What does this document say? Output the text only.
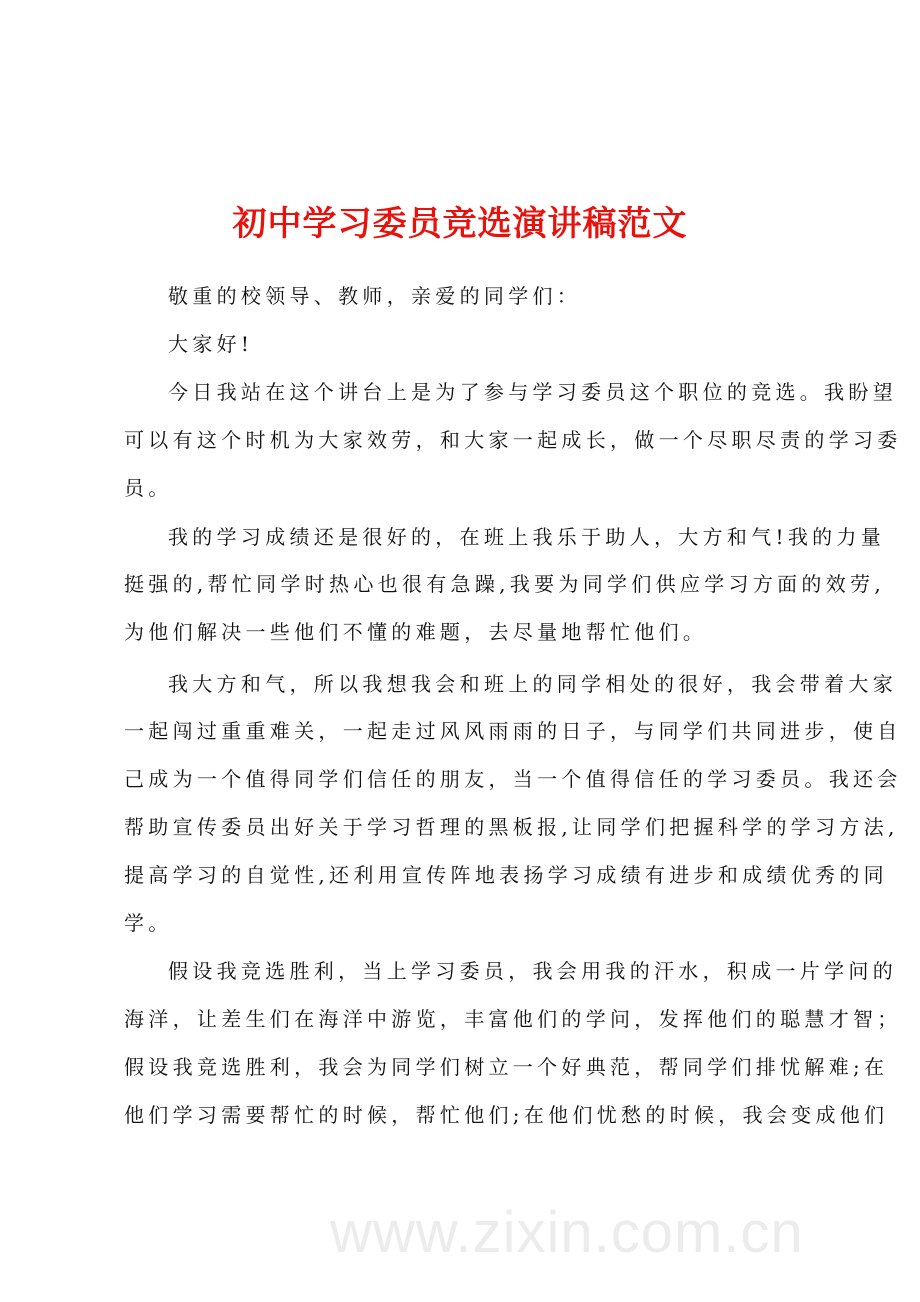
初中学习委员竞选演讲稿范文
敬重的校领导、教师，亲爱的同学们：
大家好!
今日我站在这个讲台上是为了参与学习委员这个职位的竞选。我盼望
可以有这个时机为大家效劳，和大家一起成长，做一个尽职尽责的学习委
员。
我的学习成绩还是很好的，在班上我乐于助人，大方和气!我的力量
挺强的,帮忙同学时热心也很有急躁,我要为同学们供应学习方面的效劳,
为他们解决一些他们不懂的难题，去尽量地帮忙他们。
我大方和气，所以我想我会和班上的同学相处的很好，我会带着大家
一起闯过重重难关，一起走过风风雨雨的日子，与同学们共同进步，使自
己成为一个值得同学们信任的朋友，当一个值得信任的学习委员。我还会
帮助宣传委员出好关于学习哲理的黑板报,让同学们把握科学的学习方法,
提高学习的自觉性,还利用宣传阵地表扬学习成绩有进步和成绩优秀的同
学。
假设我竞选胜利，当上学习委员，我会用我的汗水，积成一片学问的
海洋，让差生们在海洋中游览，丰富他们的学问，发挥他们的聪慧才智；
假设我竞选胜利，我会为同学们树立一个好典范，帮同学们排忧解难;在
他们学习需要帮忙的时候，帮忙他们;在他们忧愁的时候，我会变成他们
www.zixin.com.cn
